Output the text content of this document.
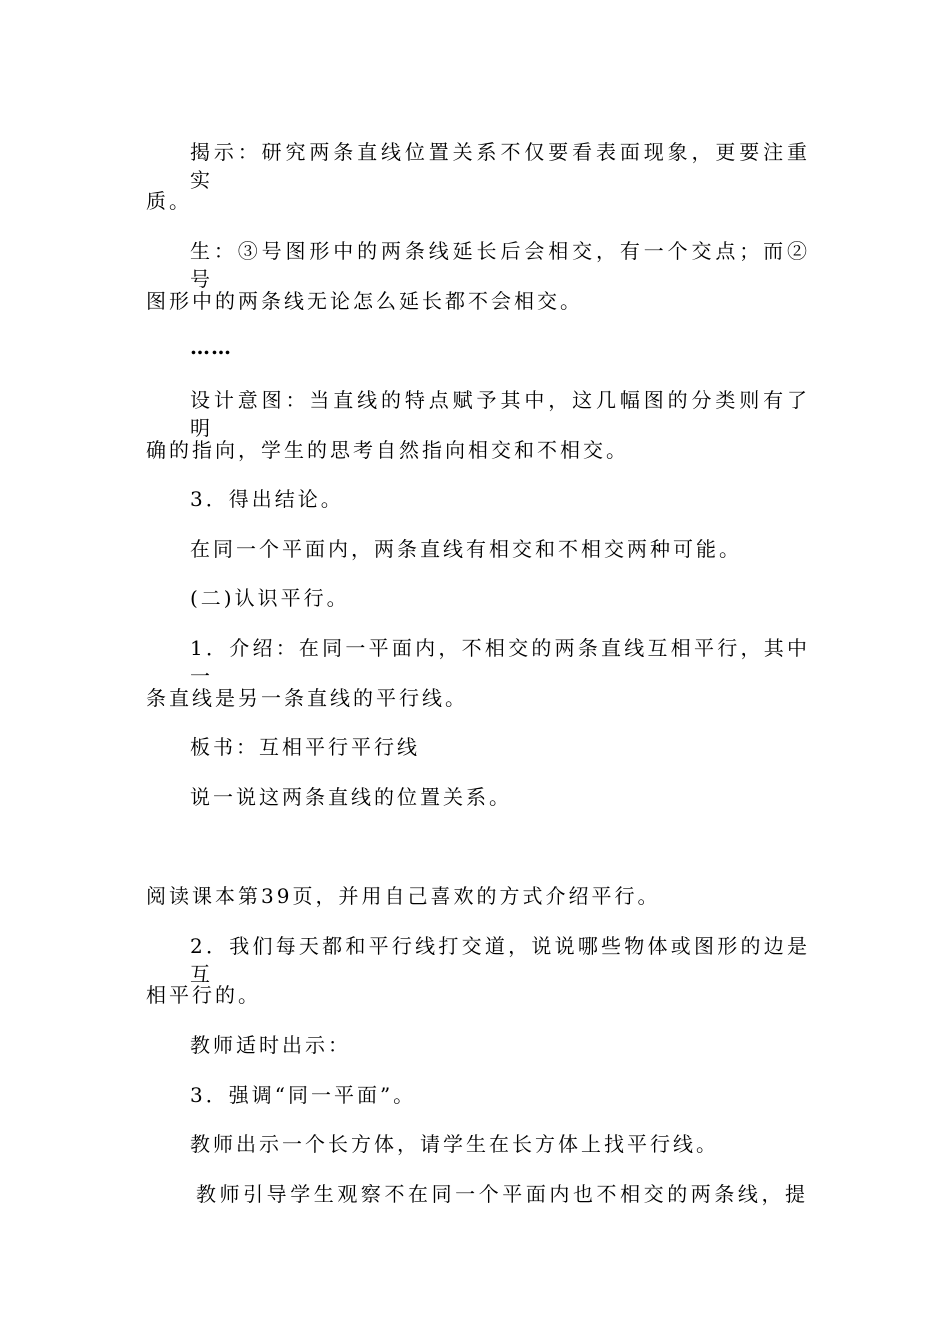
揭示：研究两条直线位置关系不仅要看表面现象，更要注重实
质。
生：③号图形中的两条线延长后会相交，有一个交点；而②号
图形中的两条线无论怎么延长都不会相交。
……
设计意图：当直线的特点赋予其中，这几幅图的分类则有了明
确的指向，学生的思考自然指向相交和不相交。
3．得出结论。
在同一个平面内，两条直线有相交和不相交两种可能。
(二)认识平行。
1．介绍：在同一平面内，不相交的两条直线互相平行，其中一
条直线是另一条直线的平行线。
板书：互相平行平行线
说一说这两条直线的位置关系。
阅读课本第39页，并用自己喜欢的方式介绍平行。
2．我们每天都和平行线打交道，说说哪些物体或图形的边是互
相平行的。
教师适时出示：
3．强调“同一平面”。
教师出示一个长方体，请学生在长方体上找平行线。
教师引导学生观察不在同一个平面内也不相交的两条线，提
